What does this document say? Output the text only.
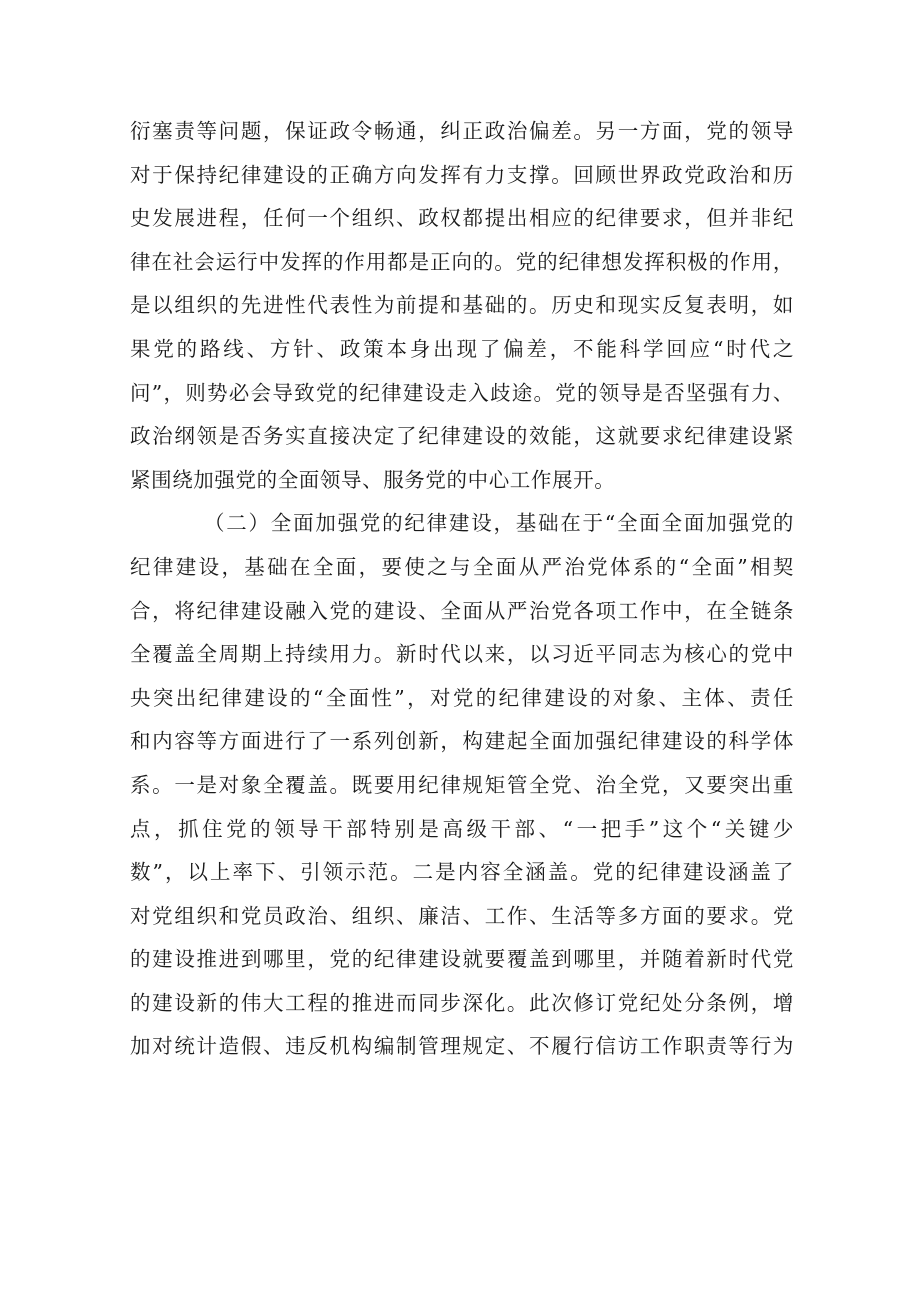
衍塞责等问题，保证政令畅通，纠正政治偏差。另一方面，党的领导
对于保持纪律建设的正确方向发挥有力支撑。回顾世界政党政治和历
史发展进程，任何一个组织、政权都提出相应的纪律要求，但并非纪
律在社会运行中发挥的作用都是正向的。党的纪律想发挥积极的作用，
是以组织的先进性代表性为前提和基础的。历史和现实反复表明，如
果党的路线、方针、政策本身出现了偏差，不能科学回应“时代之
问”，则势必会导致党的纪律建设走入歧途。党的领导是否坚强有力、
政治纲领是否务实直接决定了纪律建设的效能，这就要求纪律建设紧
紧围绕加强党的全面领导、服务党的中心工作展开。
（二）全面加强党的纪律建设，基础在于“全面全面加强党的
纪律建设，基础在全面，要使之与全面从严治党体系的“全面”相契
合，将纪律建设融入党的建设、全面从严治党各项工作中，在全链条
全覆盖全周期上持续用力。新时代以来，以习近平同志为核心的党中
央突出纪律建设的“全面性”，对党的纪律建设的对象、主体、责任
和内容等方面进行了一系列创新，构建起全面加强纪律建设的科学体
系。一是对象全覆盖。既要用纪律规矩管全党、治全党，又要突出重
点，抓住党的领导干部特别是高级干部、“一把手”这个“关键少
数”，以上率下、引领示范。二是内容全涵盖。党的纪律建设涵盖了
对党组织和党员政治、组织、廉洁、工作、生活等多方面的要求。党
的建设推进到哪里，党的纪律建设就要覆盖到哪里，并随着新时代党
的建设新的伟大工程的推进而同步深化。此次修订党纪处分条例，增
加对统计造假、违反机构编制管理规定、不履行信访工作职责等行为
